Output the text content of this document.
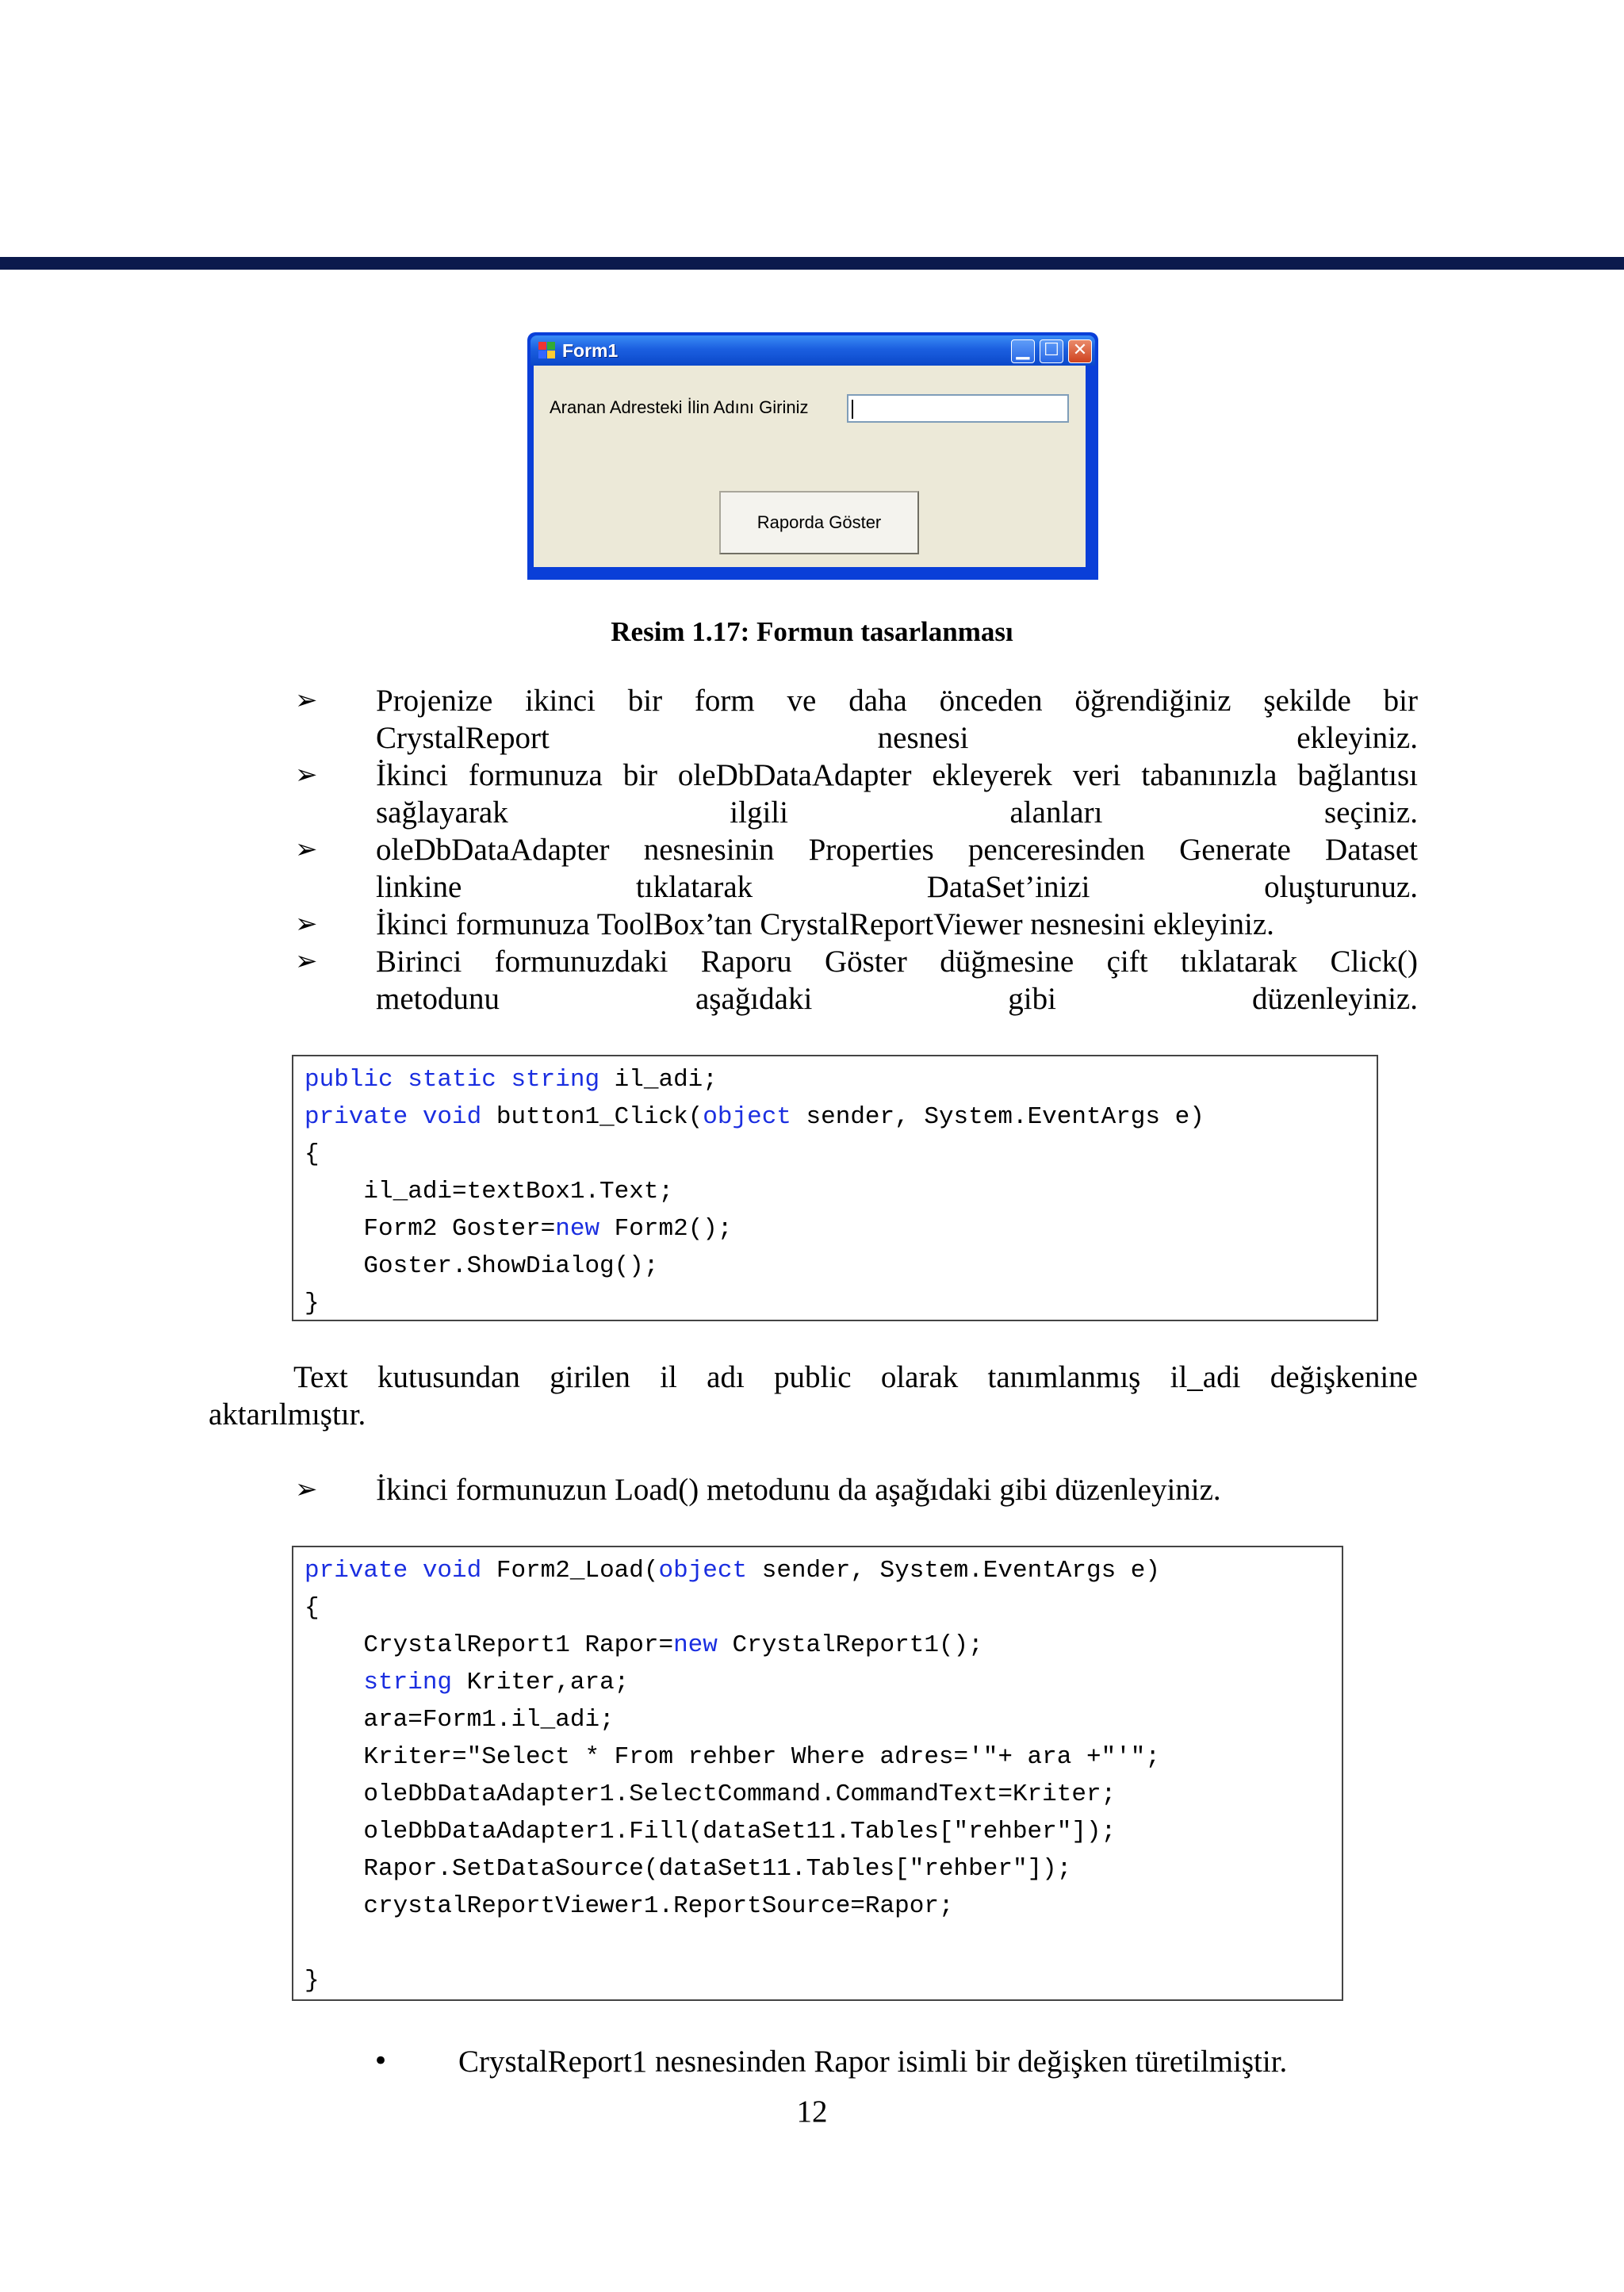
Form1	▁ ☐ ✕
Aranan Adresteki İlin Adını Giriniz
Raporda Göster
Resim 1.17: Formun tasarlanması
➢ Projenize ikinci bir form ve daha önceden öğrendiğiniz şekilde bir
CrystalReport nesnesi ekleyiniz.
➢ İkinci formunuza bir oleDbDataAdapter ekleyerek veri tabanınızla bağlantısı
sağlayarak ilgili alanları seçiniz.
➢ oleDbDataAdapter nesnesinin Properties penceresinden Generate Dataset
linkine tıklatarak DataSet’inizi oluşturunuz.
➢ İkinci formunuza ToolBox’tan CrystalReportViewer nesnesini ekleyiniz.
➢ Birinci formunuzdaki Raporu Göster düğmesine çift tıklatarak Click()
metodunu aşağıdaki gibi düzenleyiniz.
public static string il_adi;
private void button1_Click(object sender, System.EventArgs e)
{
il_adi=textBox1.Text;
Form2 Goster=new Form2();
Goster.ShowDialog();
}
Text kutusundan girilen il adı public olarak tanımlanmış il_adi değişkenine
aktarılmıştır.
➢ İkinci formunuzun Load() metodunu da aşağıdaki gibi düzenleyiniz.
private void Form2_Load(object sender, System.EventArgs e)
{
CrystalReport1 Rapor=new CrystalReport1();
string Kriter,ara;
ara=Form1.il_adi;
Kriter="Select * From rehber Where adres='"+ ara +"'";
oleDbDataAdapter1.SelectCommand.CommandText=Kriter;
oleDbDataAdapter1.Fill(dataSet11.Tables["rehber"]);
Rapor.SetDataSource(dataSet11.Tables["rehber"]);
crystalReportViewer1.ReportSource=Rapor;
}
• CrystalReport1 nesnesinden Rapor isimli bir değişken türetilmiştir.
12
